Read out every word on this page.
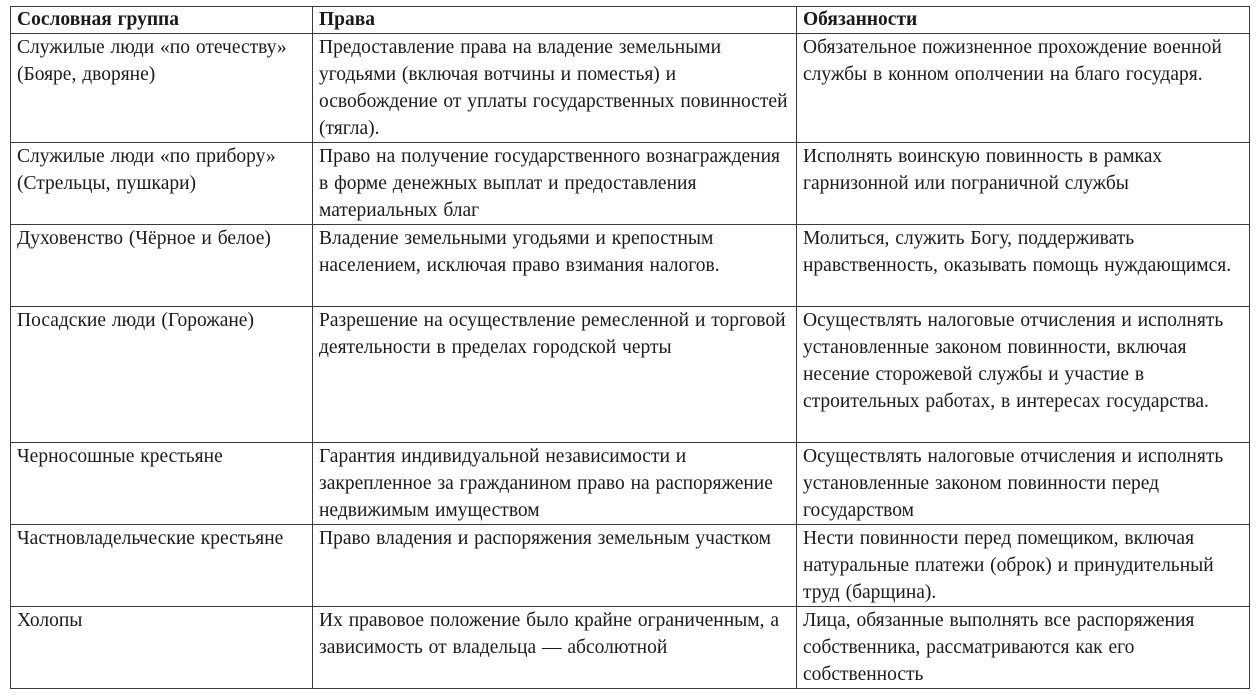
Сословная группа	Права	Обязанности
Служилые люди «по отечеству» (Бояре, дворяне)	Предоставление права на владение земельными угодьями (включая вотчины и поместья) и освобождение от уплаты государственных повинностей (тягла).	Обязательное пожизненное прохождение военной службы в конном ополчении на благо государя.
Служилые люди «по прибору» (Стрельцы, пушкари)	Право на получение государственного вознаграждения в форме денежных выплат и предоставления материальных благ	Исполнять воинскую повинность в рамках гарнизонной или пограничной службы
Духовенство (Чёрное и белое)	Владение земельными угодьями и крепостным населением, исключая право взимания налогов.	Молиться, служить Богу, поддерживать нравственность, оказывать помощь нуждающимся.
Посадские люди (Горожане)	Разрешение на осуществление ремесленной и торговой деятельности в пределах городской черты	Осуществлять налоговые отчисления и исполнять установленные законом повинности, включая несение сторожевой службы и участие в строительных работах, в интересах государства.
Черносошные крестьяне	Гарантия индивидуальной независимости и закрепленное за гражданином право на распоряжение недвижимым имуществом	Осуществлять налоговые отчисления и исполнять установленные законом повинности перед государством
Частновладельческие крестьяне	Право владения и распоряжения земельным участком	Нести повинности перед помещиком, включая натуральные платежи (оброк) и принудительный труд (барщина).
Холопы	Их правовое положение было крайне ограниченным, а зависимость от владельца — абсолютной	Лица, обязанные выполнять все распоряжения собственника, рассматриваются как его собственность
